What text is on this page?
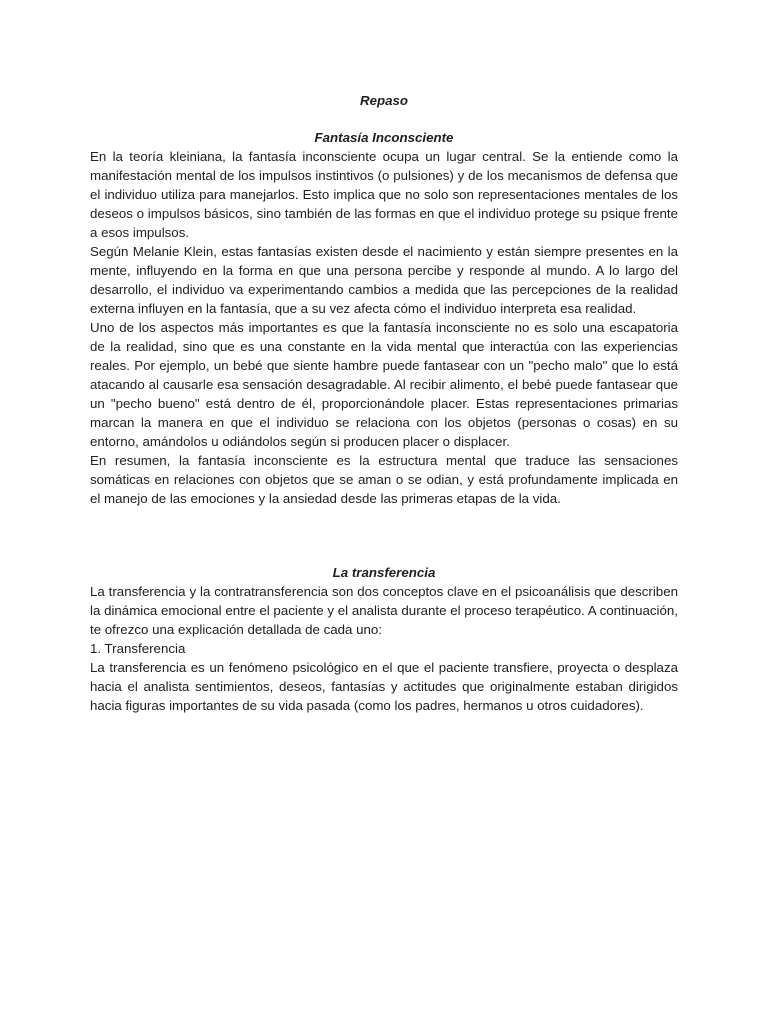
Repaso

Fantasía Inconsciente

En la teoría kleiniana, la fantasía inconsciente ocupa un lugar central. Se la entiende como la manifestación mental de los impulsos instintivos (o pulsiones) y de los mecanismos de defensa que el individuo utiliza para manejarlos. Esto implica que no solo son representaciones mentales de los deseos o impulsos básicos, sino también de las formas en que el individuo protege su psique frente a esos impulsos.

Según Melanie Klein, estas fantasías existen desde el nacimiento y están siempre presentes en la mente, influyendo en la forma en que una persona percibe y responde al mundo. A lo largo del desarrollo, el individuo va experimentando cambios a medida que las percepciones de la realidad externa influyen en la fantasía, que a su vez afecta cómo el individuo interpreta esa realidad.

Uno de los aspectos más importantes es que la fantasía inconsciente no es solo una escapatoria de la realidad, sino que es una constante en la vida mental que interactúa con las experiencias reales. Por ejemplo, un bebé que siente hambre puede fantasear con un "pecho malo" que lo está atacando al causarle esa sensación desagradable. Al recibir alimento, el bebé puede fantasear que un "pecho bueno" está dentro de él, proporcionándole placer. Estas representaciones primarias marcan la manera en que el individuo se relaciona con los objetos (personas o cosas) en su entorno, amándolos u odiándolos según si producen placer o displacer.

En resumen, la fantasía inconsciente es la estructura mental que traduce las sensaciones somáticas en relaciones con objetos que se aman o se odian, y está profundamente implicada en el manejo de las emociones y la ansiedad desde las primeras etapas de la vida.

La transferencia

La transferencia y la contratransferencia son dos conceptos clave en el psicoanálisis que describen la dinámica emocional entre el paciente y el analista durante el proceso terapéutico. A continuación, te ofrezco una explicación detallada de cada uno:

1. Transferencia

La transferencia es un fenómeno psicológico en el que el paciente transfiere, proyecta o desplaza hacia el analista sentimientos, deseos, fantasías y actitudes que originalmente estaban dirigidos hacia figuras importantes de su vida pasada (como los padres, hermanos u otros cuidadores).
